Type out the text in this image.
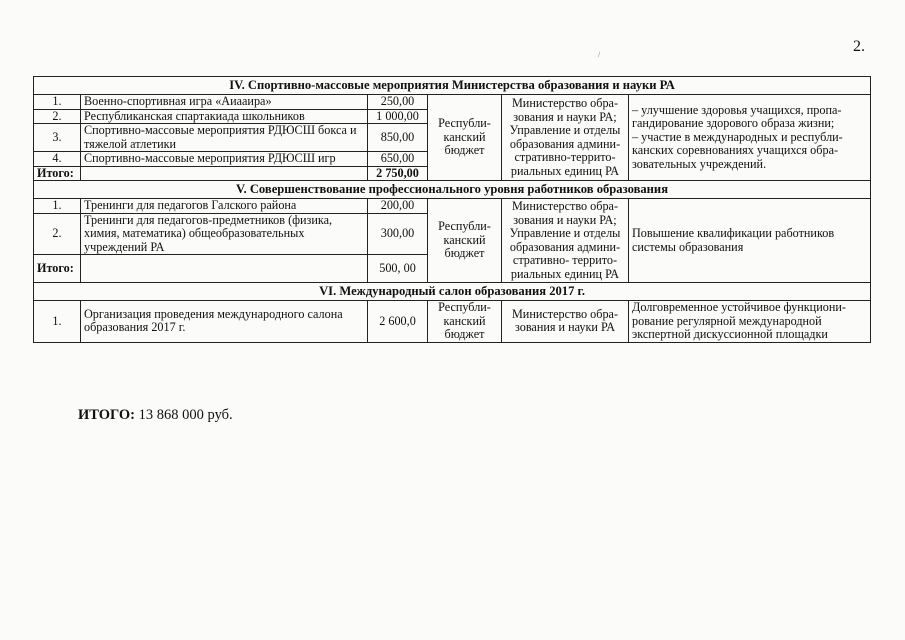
2.
/
IV. Спортивно-массовые мероприятия Министерства образования и науки РА					
1.	Военно-спортивная игра «Аиааира»	250,00	Республи-канский бюджет	Министерство обра-зования и науки РА; Управление и отделы образования админи-стративно-террито-риальных единиц РА	– улучшение здоровья учащихся, пропа-гандирование здорового образа жизни;
– участие в международных и республи-канских соревнованиях учащихся обра-зовательных учреждений.

2.	Республиканская спартакиада школьников	1 000,00			
3.	Спортивно-массовые мероприятия РДЮСШ бокса и тяжелой атлетики	850,00			
4.	Спортивно-массовые мероприятия РДЮСШ игр	650,00			
Итого:		2 750,00			
V. Совершенствование профессионального уровня работников образования					
1.	Тренинги для педагогов Галского района	200,00	Республи-канский бюджет	Министерство обра-зования и науки РА; Управление и отделы образования админи-стративно- террито-риальных единиц РА	Повышение квалификации работников системы образования
2.	Тренинги для педагогов-предметников (физика, химия, математика) общеобразовательных учреждений РА	300,00			
Итого:		500, 00			
VI. Международный салон образования 2017 г.					
1.	Организация проведения международного салона образования 2017 г.	2 600,0	Республи-канский бюджет	Министерство обра-зования и науки РА	Долговременное устойчивое функциони-рование регулярной международной экспертной дискуссионной площадки
ИТОГО: 13 868 000 руб.
